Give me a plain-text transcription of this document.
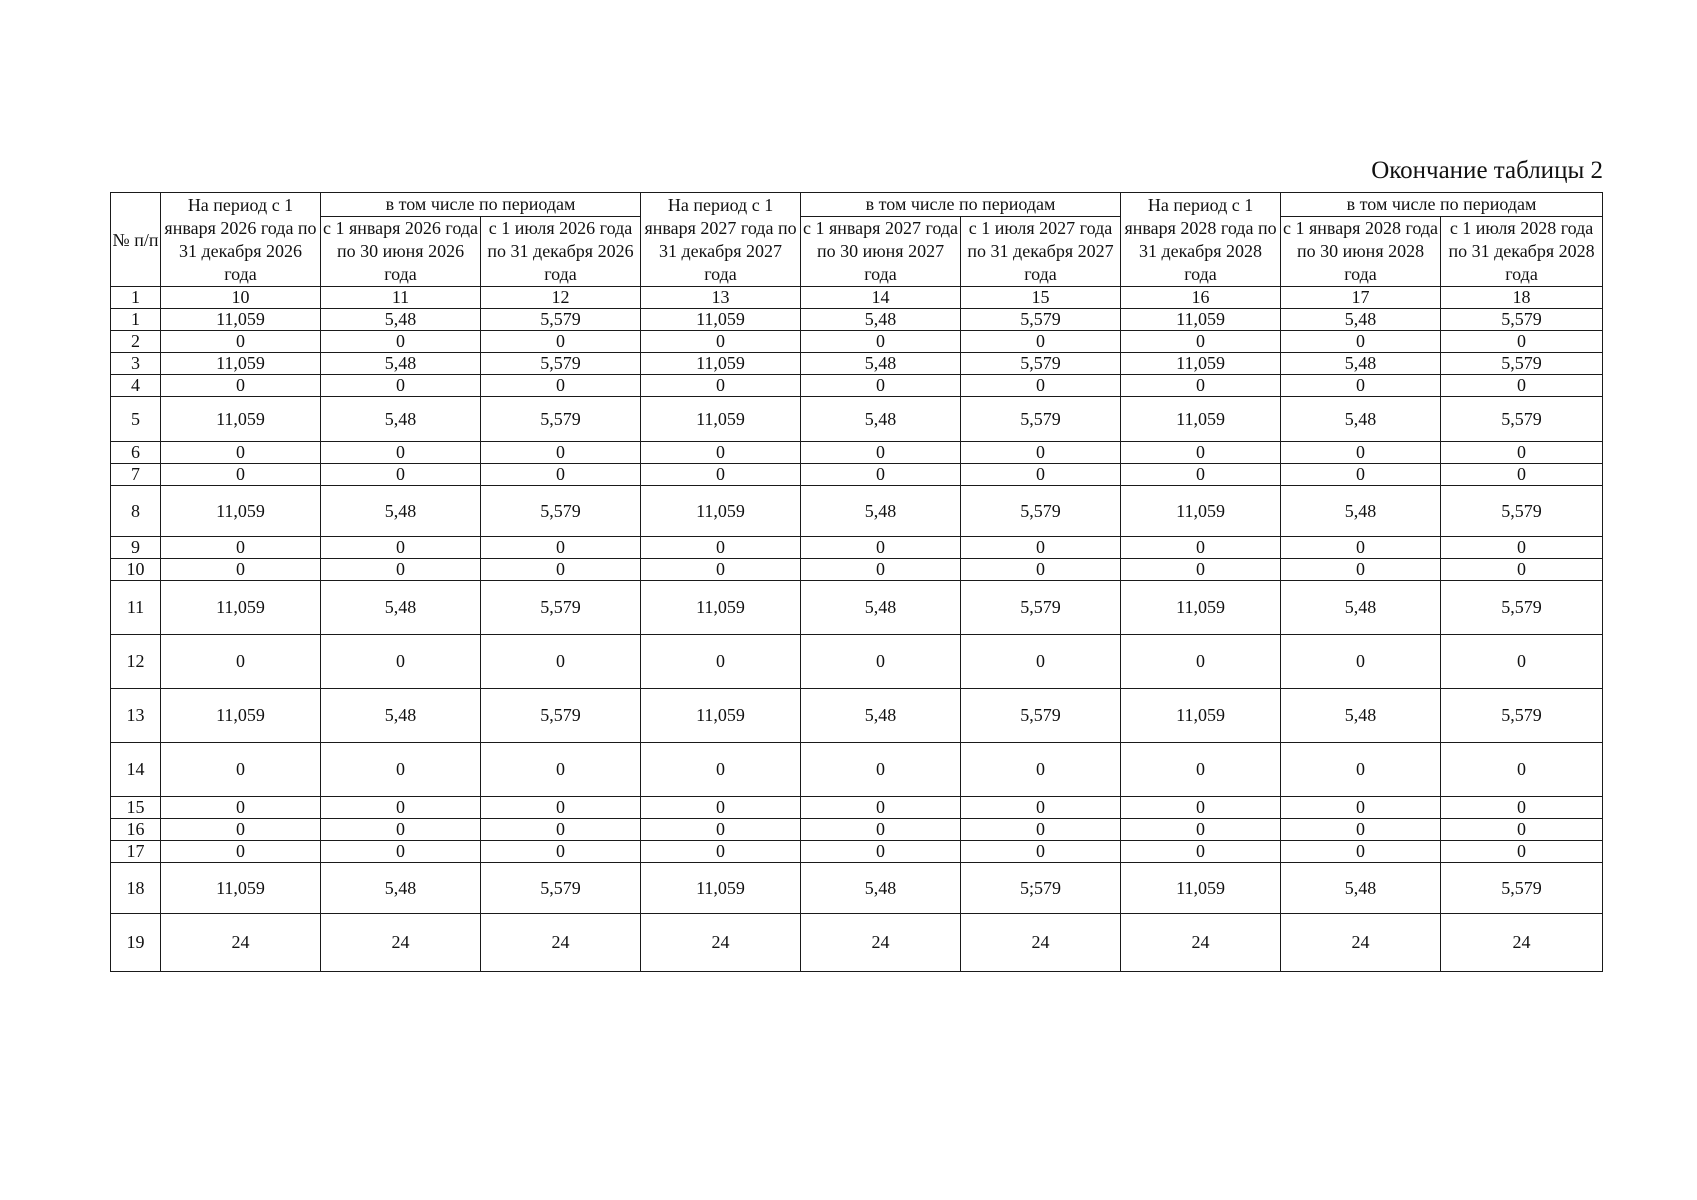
Окончание таблицы 2
№ п/п	На период с 1 января 2026 года по 31 декабря 2026 года	в том числе по периодам		На период с 1 января 2027 года по 31 декабря 2027 года	в том числе по периодам		На период с 1 января 2028 года по 31 декабря 2028 года	в том числе по периодам	
		с 1 января 2026 года по 30 июня 2026 года	с 1 июля 2026 года по 31 декабря 2026 года		с 1 января 2027 года по 30 июня 2027 года	с 1 июля 2027 года по 31 декабря 2027 года		с 1 января 2028 года по 30 июня 2028 года	с 1 июля 2028 года по 31 декабря 2028 года
1	10	11	12	13	14	15	16	17	18
1	11,059	5,48	5,579	11,059	5,48	5,579	11,059	5,48	5,579
2	0	0	0	0	0	0	0	0	0
3	11,059	5,48	5,579	11,059	5,48	5,579	11,059	5,48	5,579
4	0	0	0	0	0	0	0	0	0
5	11,059	5,48	5,579	11,059	5,48	5,579	11,059	5,48	5,579
6	0	0	0	0	0	0	0	0	0
7	0	0	0	0	0	0	0	0	0
8	11,059	5,48	5,579	11,059	5,48	5,579	11,059	5,48	5,579
9	0	0	0	0	0	0	0	0	0
10	0	0	0	0	0	0	0	0	0
11	11,059	5,48	5,579	11,059	5,48	5,579	11,059	5,48	5,579
12	0	0	0	0	0	0	0	0	0
13	11,059	5,48	5,579	11,059	5,48	5,579	11,059	5,48	5,579
14	0	0	0	0	0	0	0	0	0
15	0	0	0	0	0	0	0	0	0
16	0	0	0	0	0	0	0	0	0
17	0	0	0	0	0	0	0	0	0
18	11,059	5,48	5,579	11,059	5,48	5;579	11,059	5,48	5,579
19	24	24	24	24	24	24	24	24	24
